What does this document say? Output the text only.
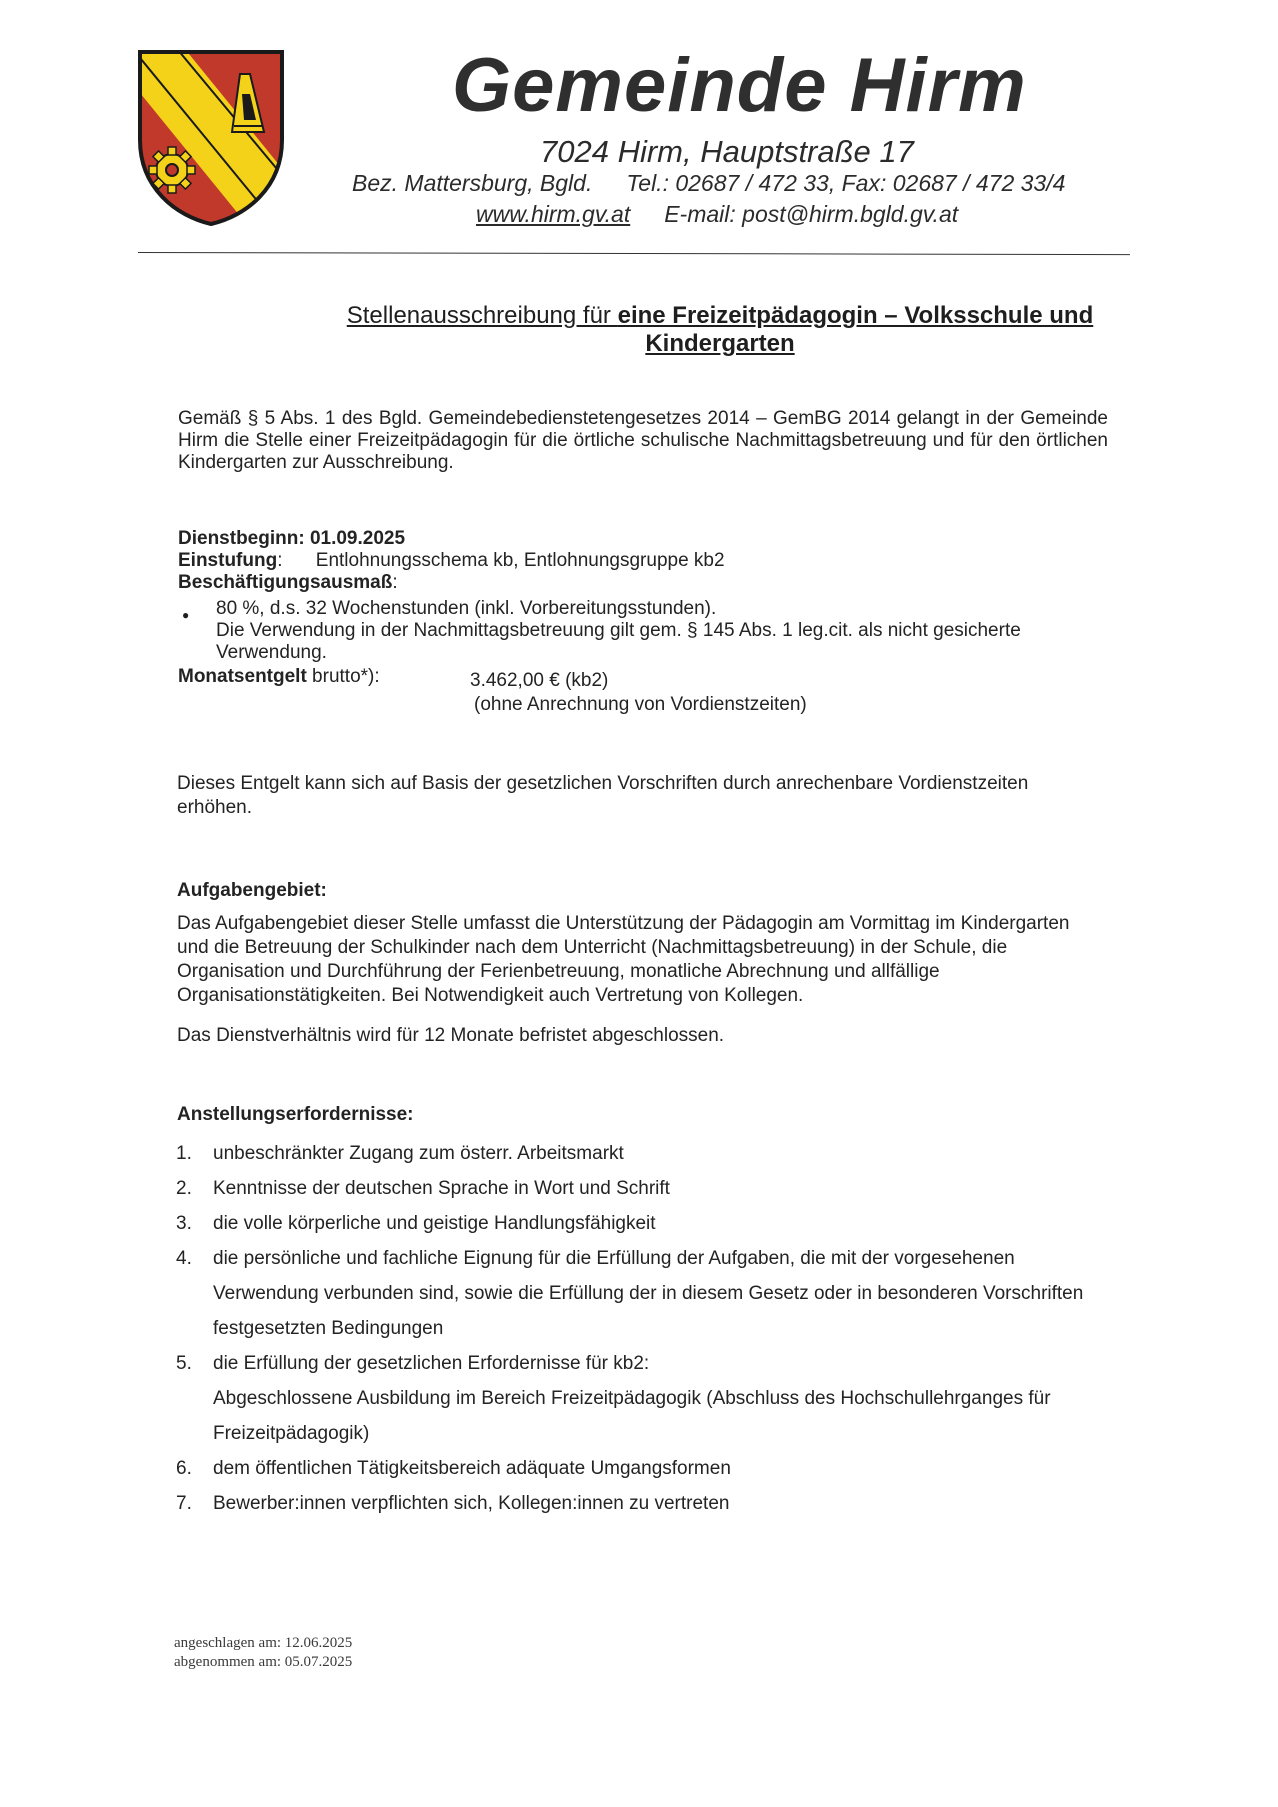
Gemeinde Hirm
7024 Hirm, Hauptstraße 17
Bez. Mattersburg, Bgld. Tel.: 02687 / 472 33, Fax: 02687 / 472 33/4
www.hirm.gv.at E-mail: post@hirm.bgld.gv.at
Stellenausschreibung für eine Freizeitpädagogin – Volksschule und Kindergarten
Gemäß § 5 Abs. 1 des Bgld. Gemeindebedienstetengesetzes 2014 – GemBG 2014 gelangt in der Gemeinde Hirm die Stelle einer Freizeitpädagogin für die örtliche schulische Nachmittagsbetreuung und für den örtlichen Kindergarten zur Ausschreibung.
Dienstbeginn: 01.09.2025
Einstufung: Entlohnungsschema kb, Entlohnungsgruppe kb2
Beschäftigungsausmaß:
● 80 %, d.s. 32 Wochenstunden (inkl. Vorbereitungsstunden).
Die Verwendung in der Nachmittagsbetreuung gilt gem. § 145 Abs. 1 leg.cit. als nicht gesicherte Verwendung.
Monatsentgelt brutto*):	3.462,00 € (kb2)
(ohne Anrechnung von Vordienstzeiten)
Dieses Entgelt kann sich auf Basis der gesetzlichen Vorschriften durch anrechenbare Vordienstzeiten erhöhen.
Aufgabengebiet:
Das Aufgabengebiet dieser Stelle umfasst die Unterstützung der Pädagogin am Vormittag im Kindergarten und die Betreuung der Schulkinder nach dem Unterricht (Nachmittagsbetreuung) in der Schule, die Organisation und Durchführung der Ferienbetreuung, monatliche Abrechnung und allfällige Organisationstätigkeiten. Bei Notwendigkeit auch Vertretung von Kollegen.
Das Dienstverhältnis wird für 12 Monate befristet abgeschlossen.
Anstellungserfordernisse:
1.	unbeschränkter Zugang zum österr. Arbeitsmarkt
2.	Kenntnisse der deutschen Sprache in Wort und Schrift
3.	die volle körperliche und geistige Handlungsfähigkeit
4.	die persönliche und fachliche Eignung für die Erfüllung der Aufgaben, die mit der vorgesehenen Verwendung verbunden sind, sowie die Erfüllung der in diesem Gesetz oder in besonderen Vorschriften festgesetzten Bedingungen
5.	die Erfüllung der gesetzlichen Erfordernisse für kb2:
Abgeschlossene Ausbildung im Bereich Freizeitpädagogik (Abschluss des Hochschullehrganges für Freizeitpädagogik)
6.	dem öffentlichen Tätigkeitsbereich adäquate Umgangsformen
7.	Bewerber:innen verpflichten sich, Kollegen:innen zu vertreten
angeschlagen am: 12.06.2025
abgenommen am: 05.07.2025
